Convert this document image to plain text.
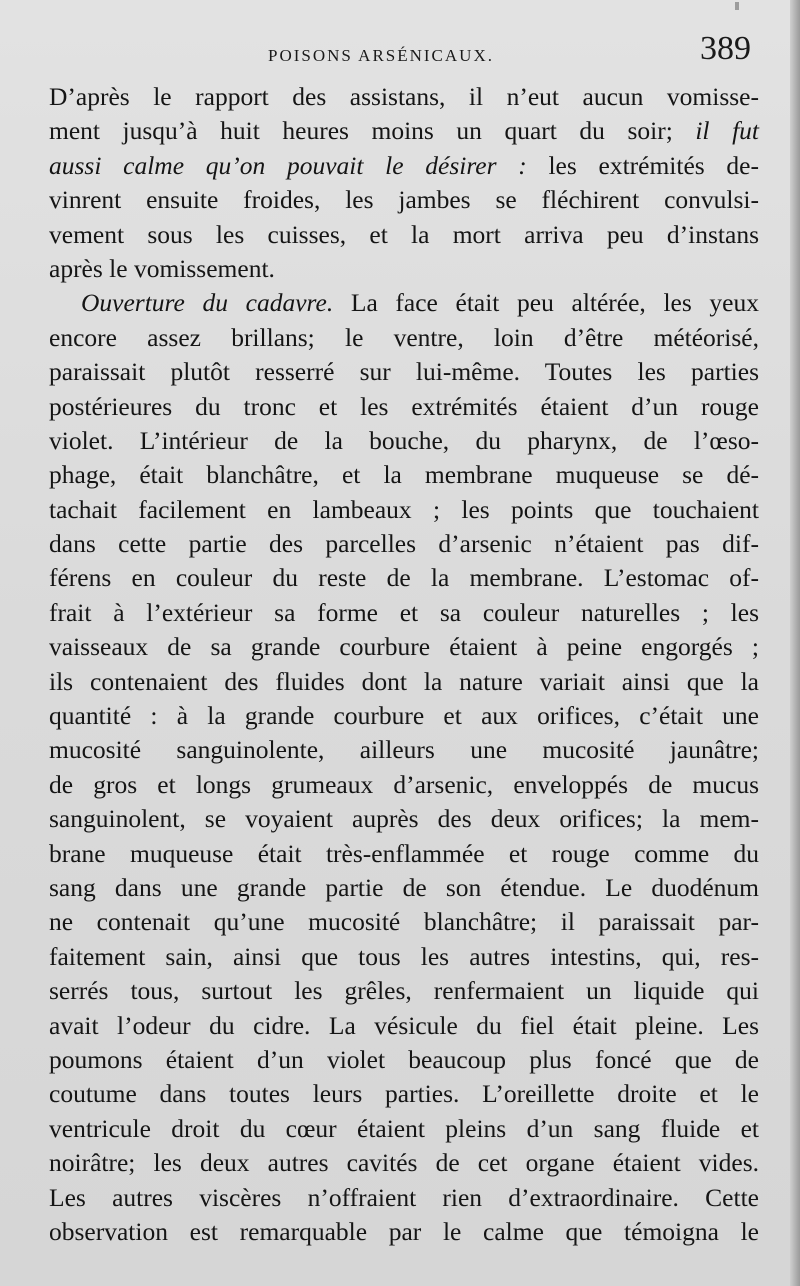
POISONS ARSÉNICAUX.	389
D’après le rapport des assistans, il n’eut aucun vomisse-
ment jusqu’à huit heures moins un quart du soir; il fut
aussi calme qu’on pouvait le désirer : les extrémités de-
vinrent ensuite froides, les jambes se fléchirent convulsi-
vement sous les cuisses, et la mort arriva peu d’instans
après le vomissement.
Ouverture du cadavre. La face était peu altérée, les yeux
encore assez brillans; le ventre, loin d’être météorisé,
paraissait plutôt resserré sur lui-même. Toutes les parties
postérieures du tronc et les extrémités étaient d’un rouge
violet. L’intérieur de la bouche, du pharynx, de l’œso-
phage, était blanchâtre, et la membrane muqueuse se dé-
tachait facilement en lambeaux ; les points que touchaient
dans cette partie des parcelles d’arsenic n’étaient pas dif-
férens en couleur du reste de la membrane. L’estomac of-
frait à l’extérieur sa forme et sa couleur naturelles ; les
vaisseaux de sa grande courbure étaient à peine engorgés ;
ils contenaient des fluides dont la nature variait ainsi que la
quantité : à la grande courbure et aux orifices, c’était une
mucosité sanguinolente, ailleurs une mucosité jaunâtre;
de gros et longs grumeaux d’arsenic, enveloppés de mucus
sanguinolent, se voyaient auprès des deux orifices; la mem-
brane muqueuse était très-enflammée et rouge comme du
sang dans une grande partie de son étendue. Le duodénum
ne contenait qu’une mucosité blanchâtre; il paraissait par-
faitement sain, ainsi que tous les autres intestins, qui, res-
serrés tous, surtout les grêles, renfermaient un liquide qui
avait l’odeur du cidre. La vésicule du fiel était pleine. Les
poumons étaient d’un violet beaucoup plus foncé que de
coutume dans toutes leurs parties. L’oreillette droite et le
ventricule droit du cœur étaient pleins d’un sang fluide et
noirâtre; les deux autres cavités de cet organe étaient vides.
Les autres viscères n’offraient rien d’extraordinaire. Cette
observation est remarquable par le calme que témoigna le
